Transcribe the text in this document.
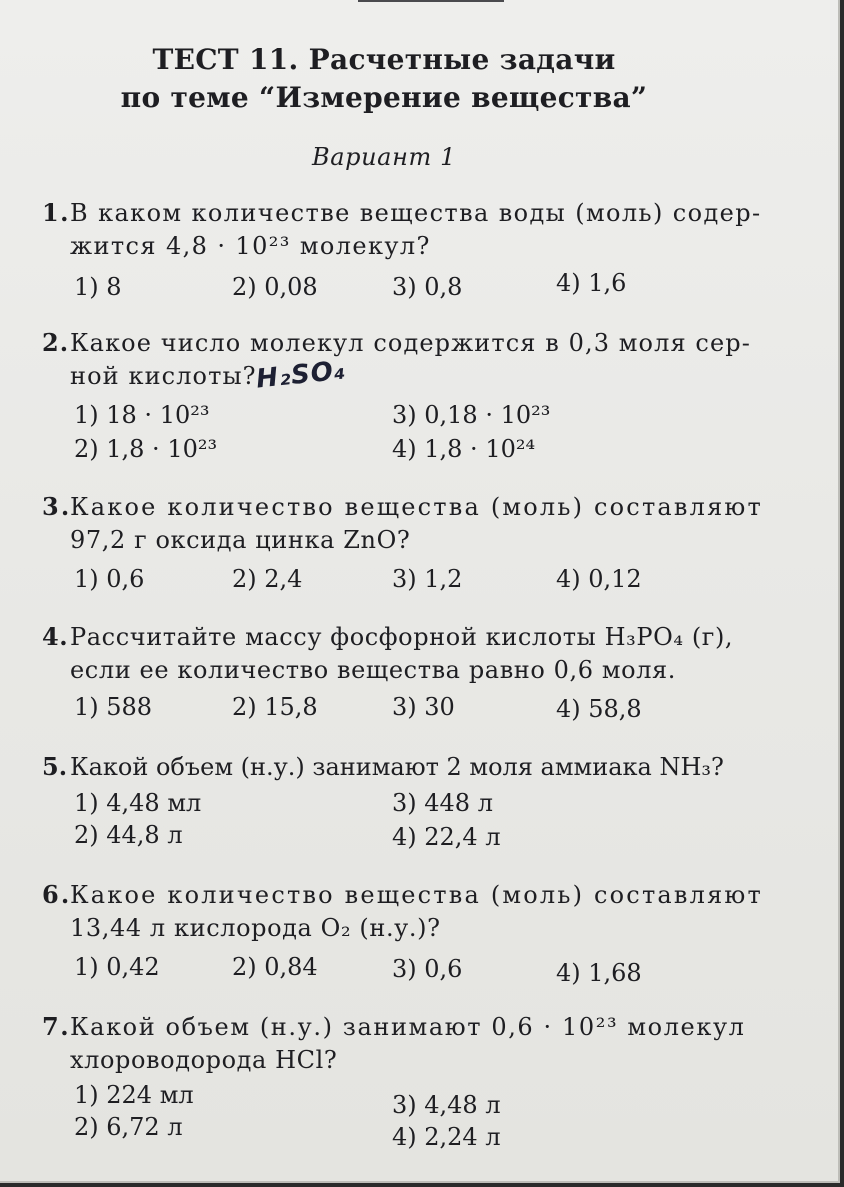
ТЕСТ 11. Расчетные задачи
по теме “Измерение вещества”
Вариант 1
1.В каком количестве вещества воды (моль) содер-
жится 4,8 · 10²³ молекул?
1) 8	2) 0,08	3) 0,8	4) 1,6
2.Какое число молекул содержится в 0,3 моля сер-
ной кислоты?
H₂SO₄
1) 18 · 10²³	3) 0,18 · 10²³
2) 1,8 · 10²³	4) 1,8 · 10²⁴
3.Какое количество вещества (моль) составляют
97,2 г оксида цинка ZnO?
1) 0,6	2) 2,4	3) 1,2	4) 0,12
4.Рассчитайте массу фосфорной кислоты H₃PO₄ (г),
если ее количество вещества равно 0,6 моля.
1) 588	2) 15,8	3) 30	4) 58,8
5. Какой объем (н.у.) занимают 2 моля аммиака NH₃?
1) 4,48 мл	3) 448 л
2) 44,8 л	4) 22,4 л
6.Какое количество вещества (моль) составляют
13,44 л кислорода O₂ (н.у.)?
1) 0,42	2) 0,84	3) 0,6	4) 1,68
7.Какой объем (н.у.) занимают 0,6 · 10²³ молекул
хлороводорода HCl?
1) 224 мл	3) 4,48 л
2) 6,72 л	4) 2,24 л
